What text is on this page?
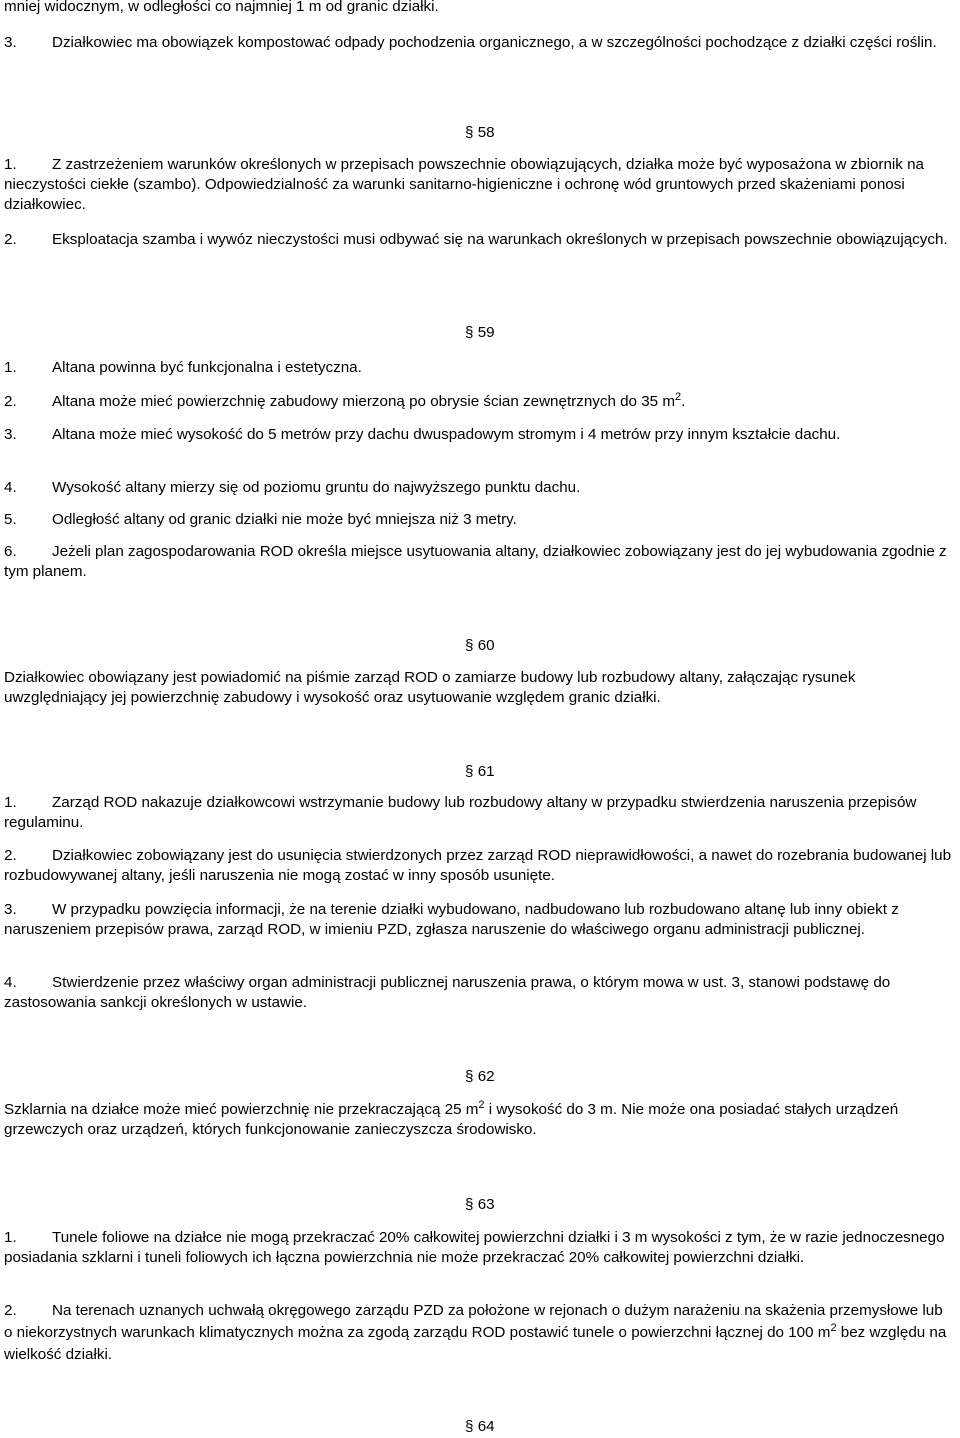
mniej widocznym, w odległości co najmniej 1 m od granic działki.

3. Działkowiec ma obowiązek kompostować odpady pochodzenia organicznego, a w szczególności pochodzące z działki części roślin.

§ 58

1. Z zastrzeżeniem warunków określonych w przepisach powszechnie obowiązujących, działka może być wyposażona w zbiornik na nieczystości ciekłe (szambo). Odpowiedzialność za warunki sanitarno-higieniczne i ochronę wód gruntowych przed skażeniami ponosi działkowiec.

2. Eksploatacja szamba i wywóz nieczystości musi odbywać się na warunkach określonych w przepisach powszechnie obowiązujących.

§ 59

1. Altana powinna być funkcjonalna i estetyczna.

2. Altana może mieć powierzchnię zabudowy mierzoną po obrysie ścian zewnętrznych do 35 $m^2$.

3. Altana może mieć wysokość do 5 metrów przy dachu dwuspadowym stromym i 4 metrów przy innym kształcie dachu.

4. Wysokość altany mierzy się od poziomu gruntu do najwyższego punktu dachu.

5. Odległość altany od granic działki nie może być mniejsza niż 3 metry.

6. Jeżeli plan zagospodarowania ROD określa miejsce usytuowania altany, działkowiec zobowiązany jest do jej wybudowania zgodnie z tym planem.

§ 60

Działkowiec obowiązany jest powiadomić na piśmie zarząd ROD o zamiarze budowy lub rozbudowy altany, załączając rysunek uwzględniający jej powierzchnię zabudowy i wysokość oraz usytuowanie względem granic działki.

§ 61

1. Zarząd ROD nakazuje działkowcowi wstrzymanie budowy lub rozbudowy altany w przypadku stwierdzenia naruszenia przepisów regulaminu.

2. Działkowiec zobowiązany jest do usunięcia stwierdzonych przez zarząd ROD nieprawidłowości, a nawet do rozebrania budowanej lub rozbudowywanej altany, jeśli naruszenia nie mogą zostać w inny sposób usunięte.

3. W przypadku powzięcia informacji, że na terenie działki wybudowano, nadbudowano lub rozbudowano altanę lub inny obiekt z naruszeniem przepisów prawa, zarząd ROD, w imieniu PZD, zgłasza naruszenie do właściwego organu administracji publicznej.

4. Stwierdzenie przez właściwy organ administracji publicznej naruszenia prawa, o którym mowa w ust. 3, stanowi podstawę do zastosowania sankcji określonych w ustawie.

§ 62

Szklarnia na działce może mieć powierzchnię nie przekraczającą 25 $m^2$ i wysokość do 3 m. Nie może ona posiadać stałych urządzeń grzewczych oraz urządzeń, których funkcjonowanie zanieczyszcza środowisko.

§ 63

1. Tunele foliowe na działce nie mogą przekraczać 20% całkowitej powierzchni działki i 3 m wysokości z tym, że w razie jednoczesnego posiadania szklarni i tuneli foliowych ich łączna powierzchnia nie może przekraczać 20% całkowitej powierzchni działki.

2. Na terenach uznanych uchwałą okręgowego zarządu PZD za położone w rejonach o dużym narażeniu na skażenia przemysłowe lub o niekorzystnych warunkach klimatycznych można za zgodą zarządu ROD postawić tunele o powierzchni łącznej do 100 $m^2$ bez względu na wielkość działki.

§ 64
